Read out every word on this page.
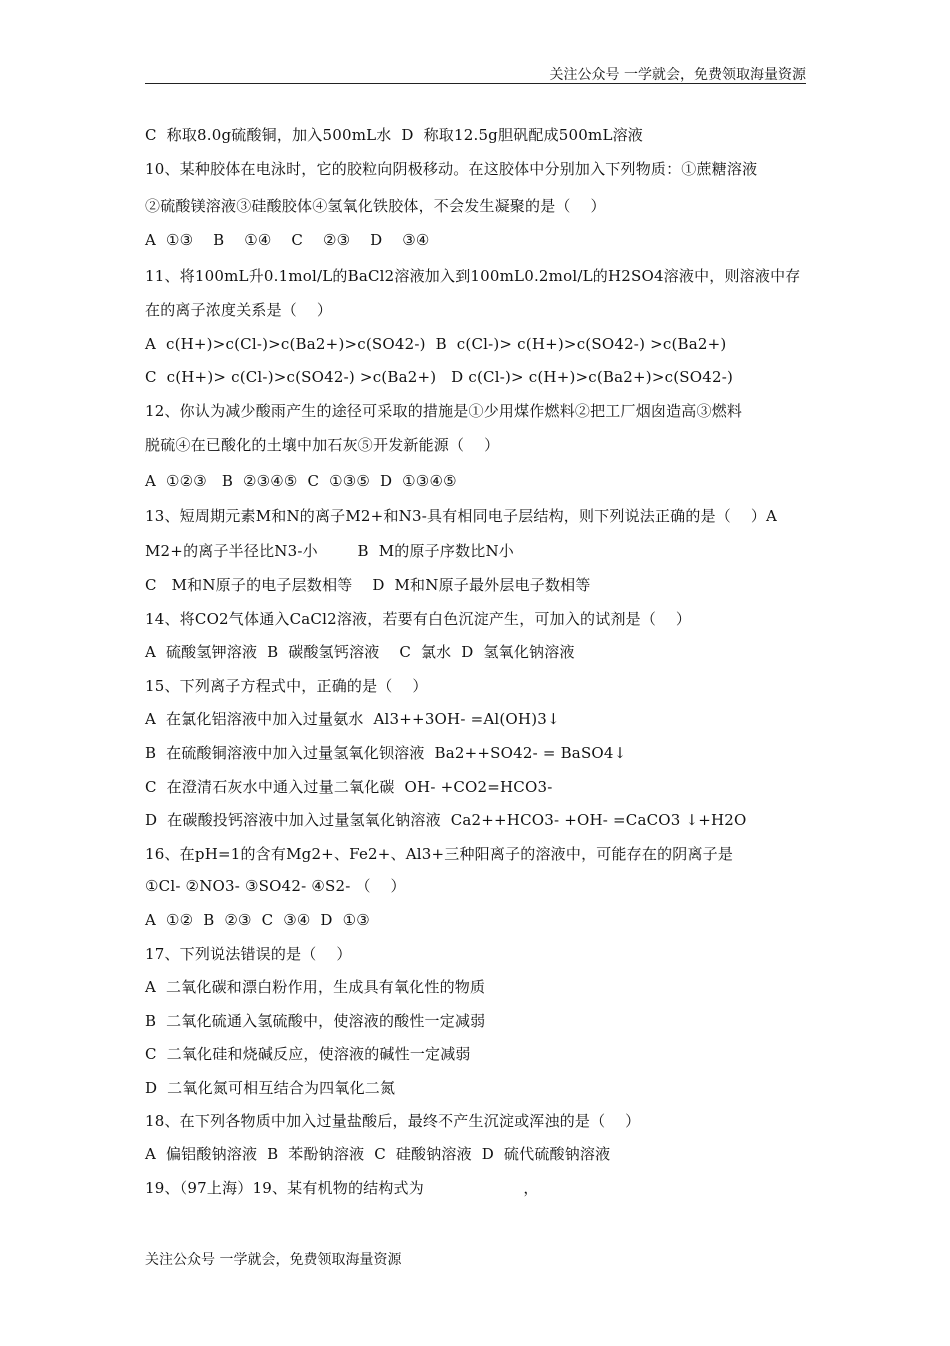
关注公众号 一学就会，免费领取海量资源
C  称取8.0g硫酸铜，加入500mL水  D  称取12.5g胆矾配成500mL溶液
10、某种胶体在电泳时，它的胶粒向阴极移动。在这胶体中分别加入下列物质：①蔗糖溶液
②硫酸镁溶液③硅酸胶体④氢氧化铁胶体，不会发生凝聚的是（    ）
A  ①③    B    ①④    C    ②③    D    ③④
11、将100mL升0.1mol/L的BaCl2溶液加入到100mL0.2mol/L的H2SO4溶液中，则溶液中存
在的离子浓度关系是（    ）
A  c(H+)>c(Cl-)>c(Ba2+)>c(SO42-)  B  c(Cl-)> c(H+)>c(SO42-) >c(Ba2+)
C  c(H+)> c(Cl-)>c(SO42-) >c(Ba2+)   D c(Cl-)> c(H+)>c(Ba2+)>c(SO42-)
12、你认为减少酸雨产生的途径可采取的措施是①少用煤作燃料②把工厂烟囱造高③燃料
脱硫④在已酸化的土壤中加石灰⑤开发新能源（    ）
A  ①②③   B  ②③④⑤  C  ①③⑤  D  ①③④⑤
13、短周期元素M和N的离子M2+和N3-具有相同电子层结构，则下列说法正确的是（    ）A
M2+的离子半径比N3-小        B  M的原子序数比N小
C   M和N原子的电子层数相等    D  M和N原子最外层电子数相等
14、将CO2气体通入CaCl2溶液，若要有白色沉淀产生，可加入的试剂是（    ）
A  硫酸氢钾溶液  B  碳酸氢钙溶液    C  氯水  D  氢氧化钠溶液
15、下列离子方程式中，正确的是（    ）
A  在氯化铝溶液中加入过量氨水  Al3++3OH- =Al(OH)3↓
B  在硫酸铜溶液中加入过量氢氧化钡溶液  Ba2++SO42- = BaSO4↓
C  在澄清石灰水中通入过量二氧化碳  OH- +CO2=HCO3-
D  在碳酸投钙溶液中加入过量氢氧化钠溶液  Ca2++HCO3- +OH- =CaCO3 ↓+H2O
16、在pH=1的含有Mg2+、Fe2+、Al3+三种阳离子的溶液中，可能存在的阴离子是
①Cl- ②NO3- ③SO42- ④S2- （    ）
A  ①②  B  ②③  C  ③④  D  ①③
17、下列说法错误的是（    ）
A  二氧化碳和漂白粉作用，生成具有氧化性的物质
B  二氧化硫通入氢硫酸中，使溶液的酸性一定减弱
C  二氧化硅和烧碱反应，使溶液的碱性一定减弱
D  二氧化氮可相互结合为四氧化二氮
18、在下列各物质中加入过量盐酸后，最终不产生沉淀或浑浊的是（    ）
A  偏铝酸钠溶液  B  苯酚钠溶液  C  硅酸钠溶液  D  硫代硫酸钠溶液
19、（97上海）19、某有机物的结构式为                    ，
关注公众号 一学就会，免费领取海量资源
